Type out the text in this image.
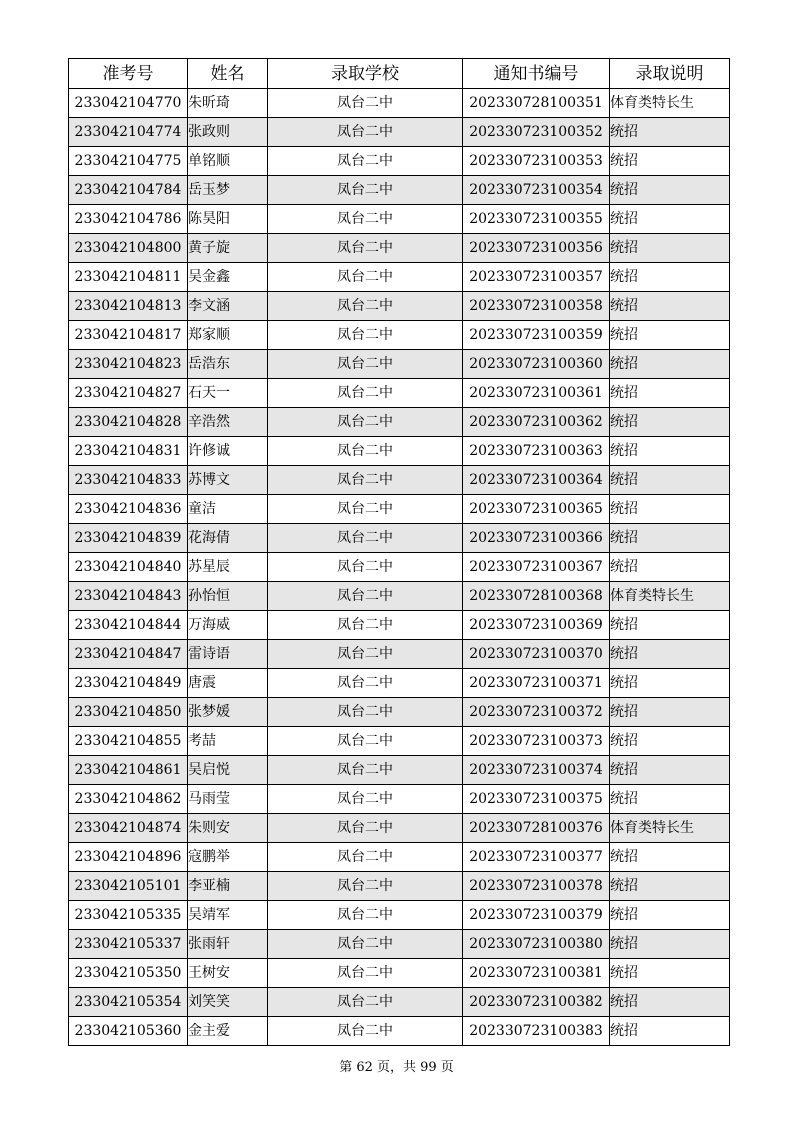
准考号	姓名	录取学校	通知书编号	录取说明
233042104770	朱昕琦	凤台二中	202330728100351	体育类特长生
233042104774	张政则	凤台二中	202330723100352	统招
233042104775	单铭顺	凤台二中	202330723100353	统招
233042104784	岳玉梦	凤台二中	202330723100354	统招
233042104786	陈昊阳	凤台二中	202330723100355	统招
233042104800	黄子旋	凤台二中	202330723100356	统招
233042104811	吴金鑫	凤台二中	202330723100357	统招
233042104813	李文涵	凤台二中	202330723100358	统招
233042104817	郑家顺	凤台二中	202330723100359	统招
233042104823	岳浩东	凤台二中	202330723100360	统招
233042104827	石天一	凤台二中	202330723100361	统招
233042104828	辛浩然	凤台二中	202330723100362	统招
233042104831	许修诚	凤台二中	202330723100363	统招
233042104833	苏博文	凤台二中	202330723100364	统招
233042104836	童洁	凤台二中	202330723100365	统招
233042104839	花海倩	凤台二中	202330723100366	统招
233042104840	苏星辰	凤台二中	202330723100367	统招
233042104843	孙怡恒	凤台二中	202330728100368	体育类特长生
233042104844	万海威	凤台二中	202330723100369	统招
233042104847	雷诗语	凤台二中	202330723100370	统招
233042104849	唐震	凤台二中	202330723100371	统招
233042104850	张梦媛	凤台二中	202330723100372	统招
233042104855	考喆	凤台二中	202330723100373	统招
233042104861	吴启悦	凤台二中	202330723100374	统招
233042104862	马雨莹	凤台二中	202330723100375	统招
233042104874	朱则安	凤台二中	202330728100376	体育类特长生
233042104896	寇鹏举	凤台二中	202330723100377	统招
233042105101	李亚楠	凤台二中	202330723100378	统招
233042105335	吴靖军	凤台二中	202330723100379	统招
233042105337	张雨轩	凤台二中	202330723100380	统招
233042105350	王树安	凤台二中	202330723100381	统招
233042105354	刘笑笑	凤台二中	202330723100382	统招
233042105360	金主爱	凤台二中	202330723100383	统招
第 62 页，共 99 页
